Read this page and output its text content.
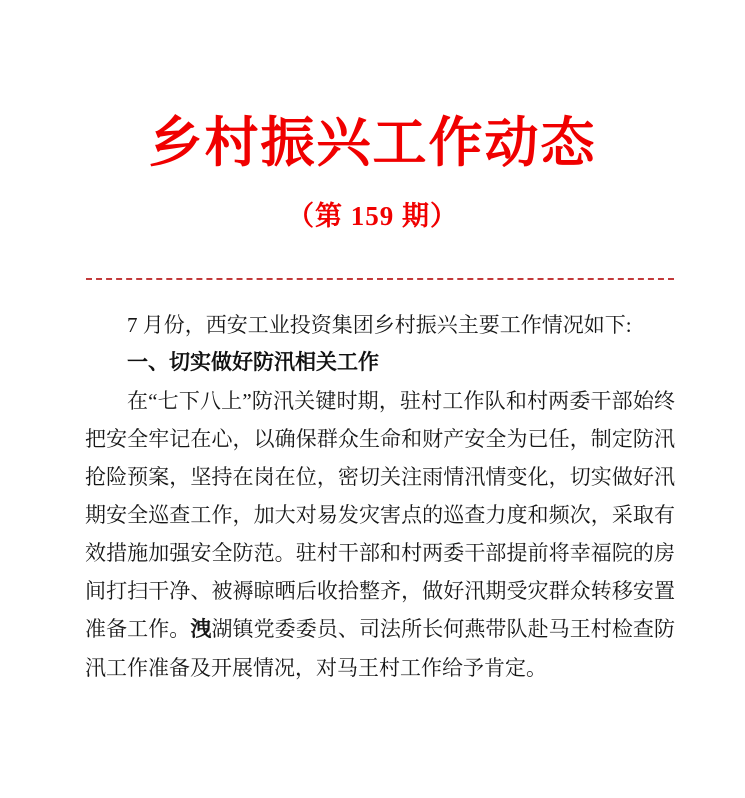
乡村振兴工作动态
（第 159 期）

7 月份，西安工业投资集团乡村振兴主要工作情况如下:

一、切实做好防汛相关工作

在“七下八上”防汛关键时期，驻村工作队和村两委干部始终把安全牢记在心，以确保群众生命和财产安全为已任，制定防汛抢险预案，坚持在岗在位，密切关注雨情汛情变化，切实做好汛期安全巡查工作，加大对易发灾害点的巡查力度和频次，采取有效措施加强安全防范。驻村干部和村两委干部提前将幸福院的房间打扫干净、被褥晾晒后收拾整齐，做好汛期受灾群众转移安置准备工作。洩湖镇党委委员、司法所长何燕带队赴马王村检查防汛工作准备及开展情况，对马王村工作给予肯定。
